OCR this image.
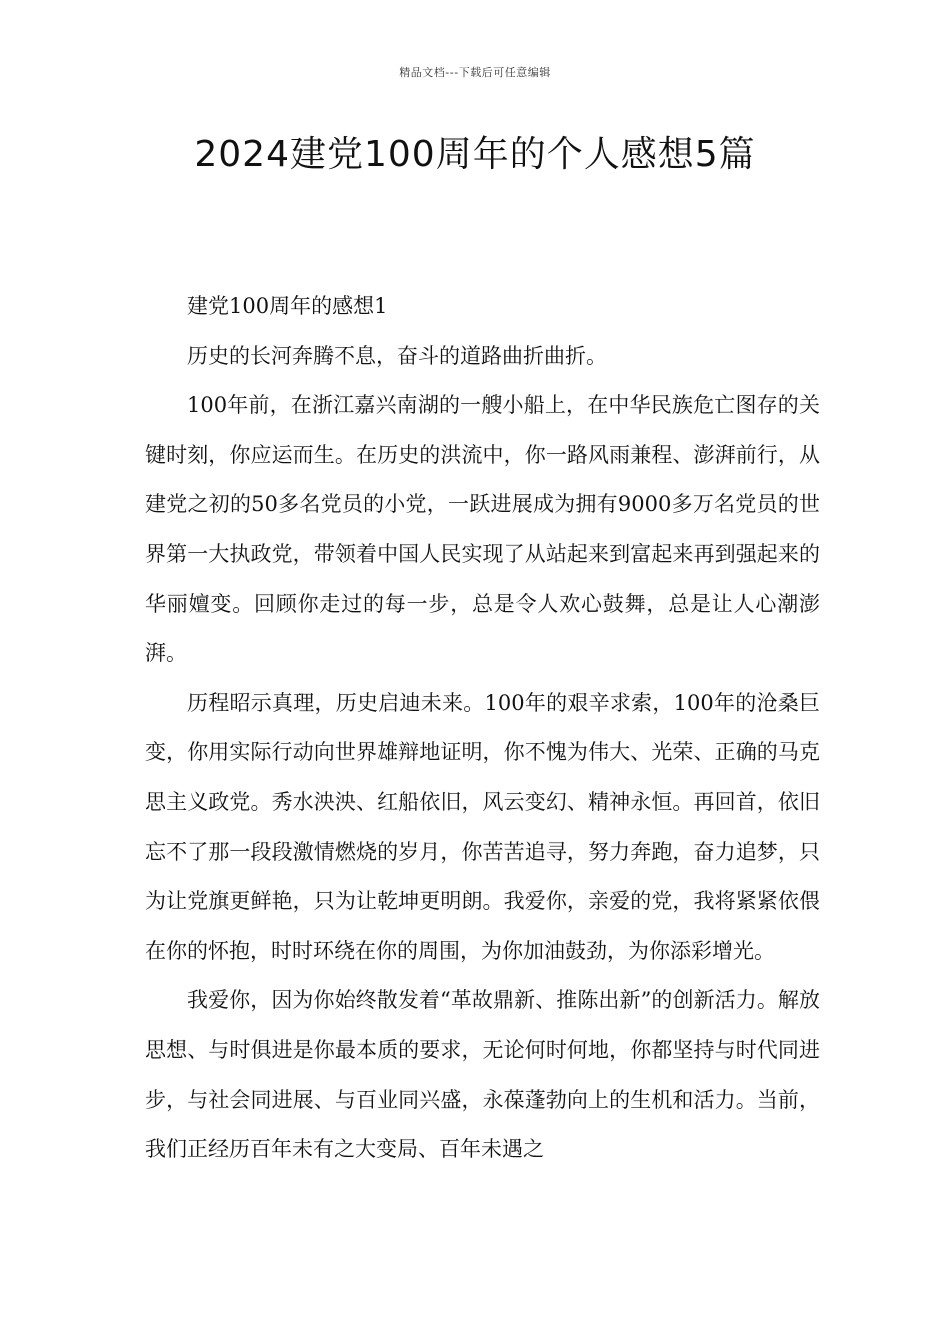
精品文档---下载后可任意编辑
2024建党100周年的个人感想5篇

建党100周年的感想1

历史的长河奔腾不息，奋斗的道路曲折曲折。

100年前，在浙江嘉兴南湖的一艘小船上，在中华民族危亡图存的关键时刻，你应运而生。在历史的洪流中，你一路风雨兼程、澎湃前行，从建党之初的50多名党员的小党，一跃进展成为拥有9000多万名党员的世界第一大执政党，带领着中国人民实现了从站起来到富起来再到强起来的华丽嬗变。回顾你走过的每一步，总是令人欢心鼓舞，总是让人心潮澎湃。

历程昭示真理，历史启迪未来。100年的艰辛求索，100年的沧桑巨变，你用实际行动向世界雄辩地证明，你不愧为伟大、光荣、正确的马克思主义政党。秀水泱泱、红船依旧，风云变幻、精神永恒。再回首，依旧忘不了那一段段激情燃烧的岁月，你苦苦追寻，努力奔跑，奋力追梦，只为让党旗更鲜艳，只为让乾坤更明朗。我爱你，亲爱的党，我将紧紧依偎在你的怀抱，时时环绕在你的周围，为你加油鼓劲，为你添彩增光。

我爱你，因为你始终散发着“革故鼎新、推陈出新”的创新活力。解放思想、与时俱进是你最本质的要求，无论何时何地，你都坚持与时代同进步，与社会同进展、与百业同兴盛，永葆蓬勃向上的生机和活力。当前，我们正经历百年未有之大变局、百年未遇之
